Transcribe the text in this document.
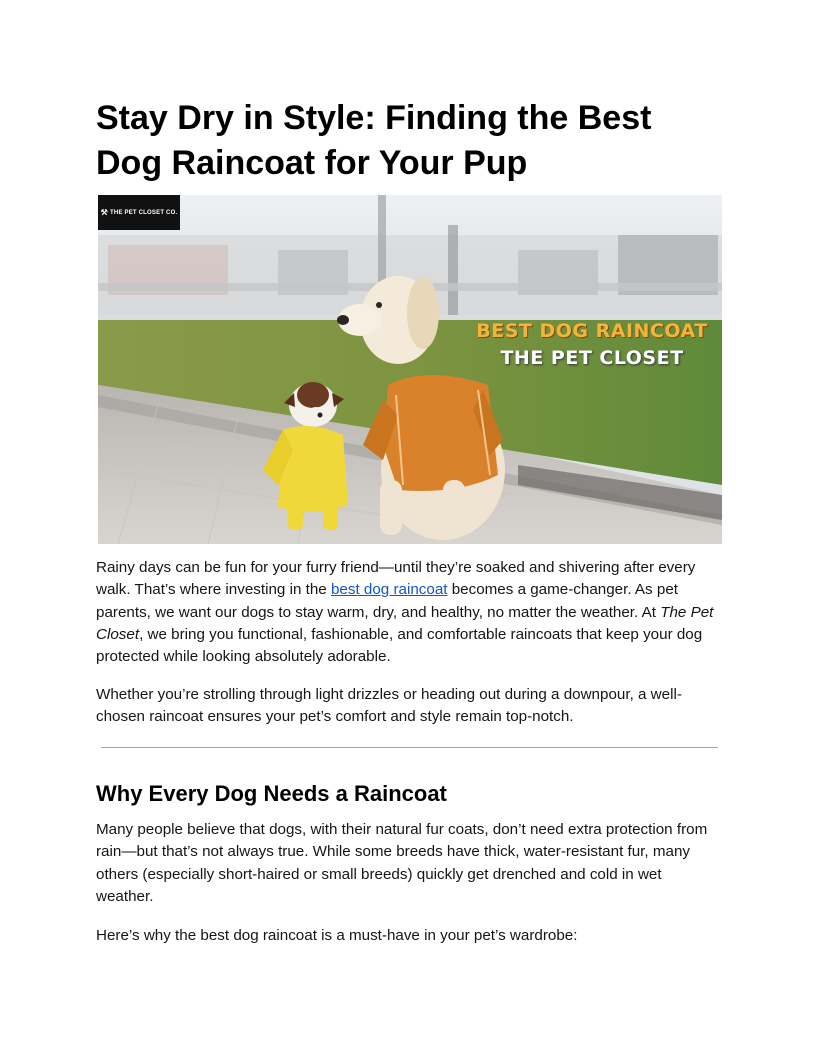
Stay Dry in Style: Finding the Best Dog Raincoat for Your Pup
⚒ THE PET CLOSET CO.
BEST DOG RAINCOAT
THE PET CLOSET

Rainy days can be fun for your furry friend—until they’re soaked and shivering after every walk. That’s where investing in the best dog raincoat becomes a game-changer. As pet parents, we want our dogs to stay warm, dry, and healthy, no matter the weather. At The Pet Closet, we bring you functional, fashionable, and comfortable raincoats that keep your dog protected while looking absolutely adorable.

Whether you’re strolling through light drizzles or heading out during a downpour, a well-chosen raincoat ensures your pet’s comfort and style remain top-notch.

Why Every Dog Needs a Raincoat

Many people believe that dogs, with their natural fur coats, don’t need extra protection from rain—but that’s not always true. While some breeds have thick, water-resistant fur, many others (especially short-haired or small breeds) quickly get drenched and cold in wet weather.

Here’s why the best dog raincoat is a must-have in your pet’s wardrobe:
